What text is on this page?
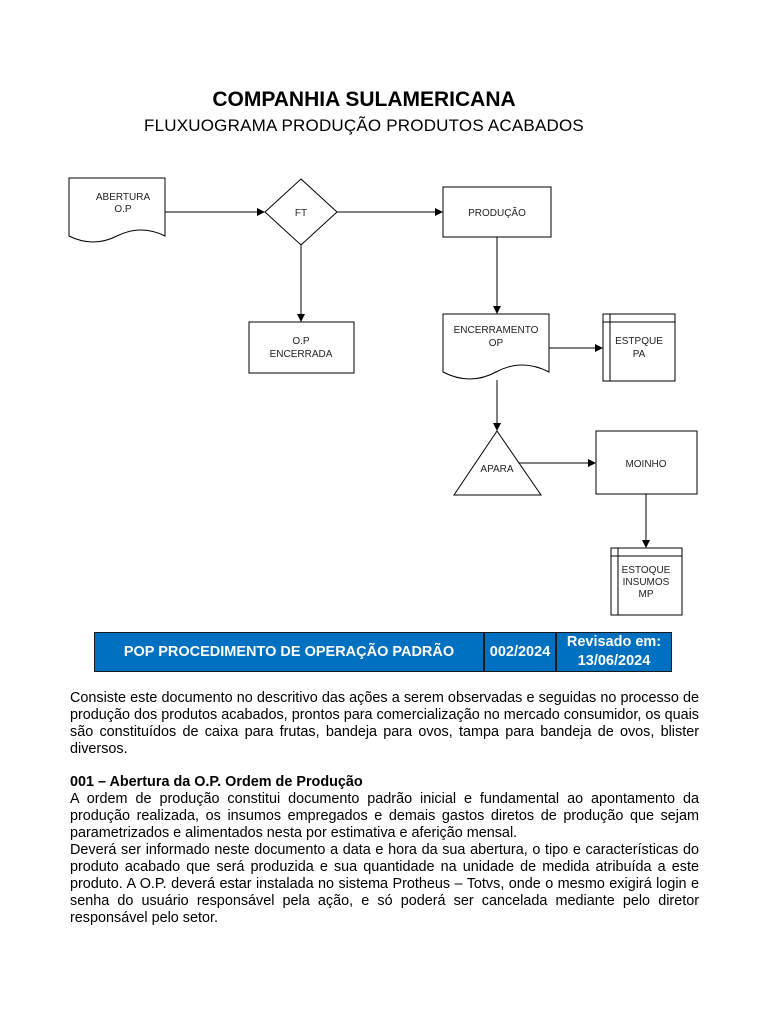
COMPANHIA SULAMERICANA
FLUXUOGRAMA PRODUÇÃO PRODUTOS ACABADOS
ABERTURA
O.P	FT	PRODUÇÃO
O.P
ENCERRADA
ENCERRAMENTO
OP	ESTPQUE
PA
APARA	MOINHO
ESTOQUE
INSUMOS
MP
POP PROCEDIMENTO DE OPERAÇÃO PADRÃO	002/2024
Revisado em:
13/06/2024
Consiste este documento no descritivo das ações a serem observadas e seguidas no processo de produção dos produtos acabados, prontos para comercialização no mercado consumidor, os quais são constituídos de caixa para frutas, bandeja para ovos, tampa para bandeja de ovos, blister diversos.
001 – Abertura da O.P. Ordem de Produção
A ordem de produção constitui documento padrão inicial e fundamental ao apontamento da produção realizada, os insumos empregados e demais gastos diretos de produção que sejam parametrizados e alimentados nesta por estimativa e aferição mensal.
Deverá ser informado neste documento a data e hora da sua abertura, o tipo e características do produto acabado que será produzida e sua quantidade na unidade de medida atribuída a este produto. A O.P. deverá estar instalada no sistema Protheus – Totvs, onde o mesmo exigirá login e senha do usuário responsável pela ação, e só poderá ser cancelada mediante pelo diretor responsável pelo setor.
